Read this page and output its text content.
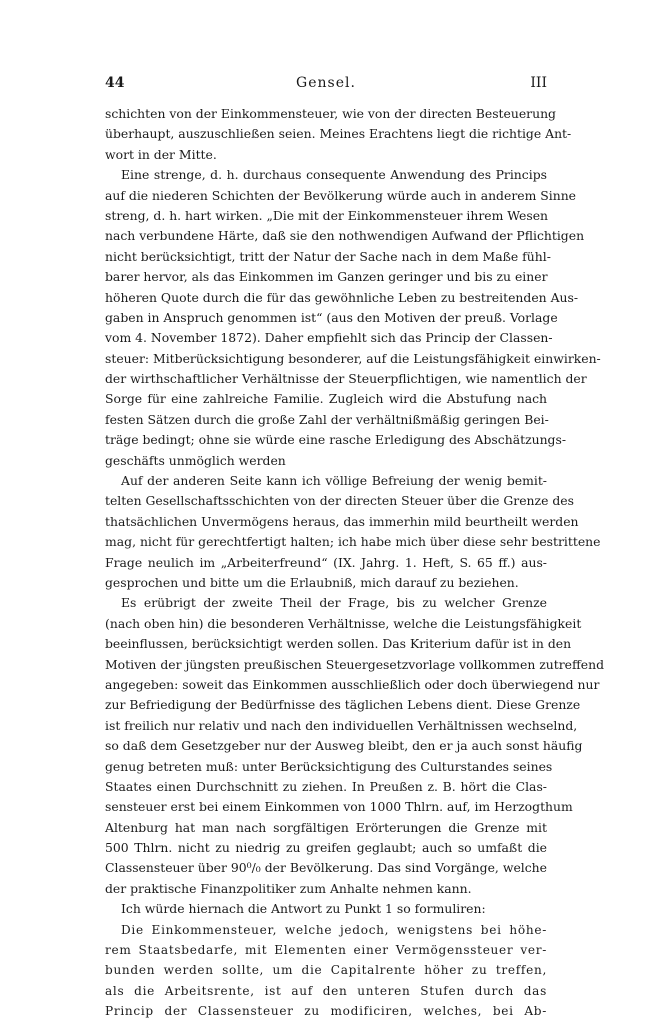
44	Gensel.	III
schichten von der Einkommensteuer, wie von der directen Besteuerung
überhaupt, auszuschließen seien. Meines Erachtens liegt die richtige Ant-
wort in der Mitte.
Eine strenge, d. h. durchaus consequente Anwendung des Princips
auf die niederen Schichten der Bevölkerung würde auch in anderem Sinne
streng, d. h. hart wirken. „Die mit der Einkommensteuer ihrem Wesen
nach verbundene Härte, daß sie den nothwendigen Aufwand der Pflichtigen
nicht berücksichtigt, tritt der Natur der Sache nach in dem Maße fühl-
barer hervor, als das Einkommen im Ganzen geringer und bis zu einer
höheren Quote durch die für das gewöhnliche Leben zu bestreitenden Aus-
gaben in Anspruch genommen ist“ (aus den Motiven der preuß. Vorlage
vom 4. November 1872). Daher empfiehlt sich das Princip der Classen-
steuer: Mitberücksichtigung besonderer, auf die Leistungsfähigkeit einwirken-
der wirthschaftlicher Verhältnisse der Steuerpflichtigen, wie namentlich der
Sorge für eine zahlreiche Familie. Zugleich wird die Abstufung nach
festen Sätzen durch die große Zahl der verhältnißmäßig geringen Bei-
träge bedingt; ohne sie würde eine rasche Erledigung des Abschätzungs-
geschäfts unmöglich werden
Auf der anderen Seite kann ich völlige Befreiung der wenig bemit-
telten Gesellschaftsschichten von der directen Steuer über die Grenze des
thatsächlichen Unvermögens heraus, das immerhin mild beurtheilt werden
mag, nicht für gerechtfertigt halten; ich habe mich über diese sehr bestrittene
Frage neulich im „Arbeiterfreund“ (IX. Jahrg. 1. Heft, S. 65 ff.) aus-
gesprochen und bitte um die Erlaubniß, mich darauf zu beziehen.
Es erübrigt der zweite Theil der Frage, bis zu welcher Grenze
(nach oben hin) die besonderen Verhältnisse, welche die Leistungsfähigkeit
beeinflussen, berücksichtigt werden sollen. Das Kriterium dafür ist in den
Motiven der jüngsten preußischen Steuergesetzvorlage vollkommen zutreffend
angegeben: soweit das Einkommen ausschließlich oder doch überwiegend nur
zur Befriedigung der Bedürfnisse des täglichen Lebens dient. Diese Grenze
ist freilich nur relativ und nach den individuellen Verhältnissen wechselnd,
so daß dem Gesetzgeber nur der Ausweg bleibt, den er ja auch sonst häufig
genug betreten muß: unter Berücksichtigung des Culturstandes seines
Staates einen Durchschnitt zu ziehen. In Preußen z. B. hört die Clas-
sensteuer erst bei einem Einkommen von 1000 Thlrn. auf, im Herzogthum
Altenburg hat man nach sorgfältigen Erörterungen die Grenze mit
500 Thlrn. nicht zu niedrig zu greifen geglaubt; auch so umfaßt die
Classensteuer über 90⁰/₀ der Bevölkerung. Das sind Vorgänge, welche
der praktische Finanzpolitiker zum Anhalte nehmen kann.
Ich würde hiernach die Antwort zu Punkt 1 so formuliren:
Die Einkommensteuer, welche jedoch, wenigstens bei höhe-
rem Staatsbedarfe, mit Elementen einer Vermögenssteuer ver-
bunden werden sollte, um die Capitalrente höher zu treffen,
als die Arbeitsrente, ist auf den unteren Stufen durch das
Princip der Classensteuer zu modificiren, welches, bei Ab-
